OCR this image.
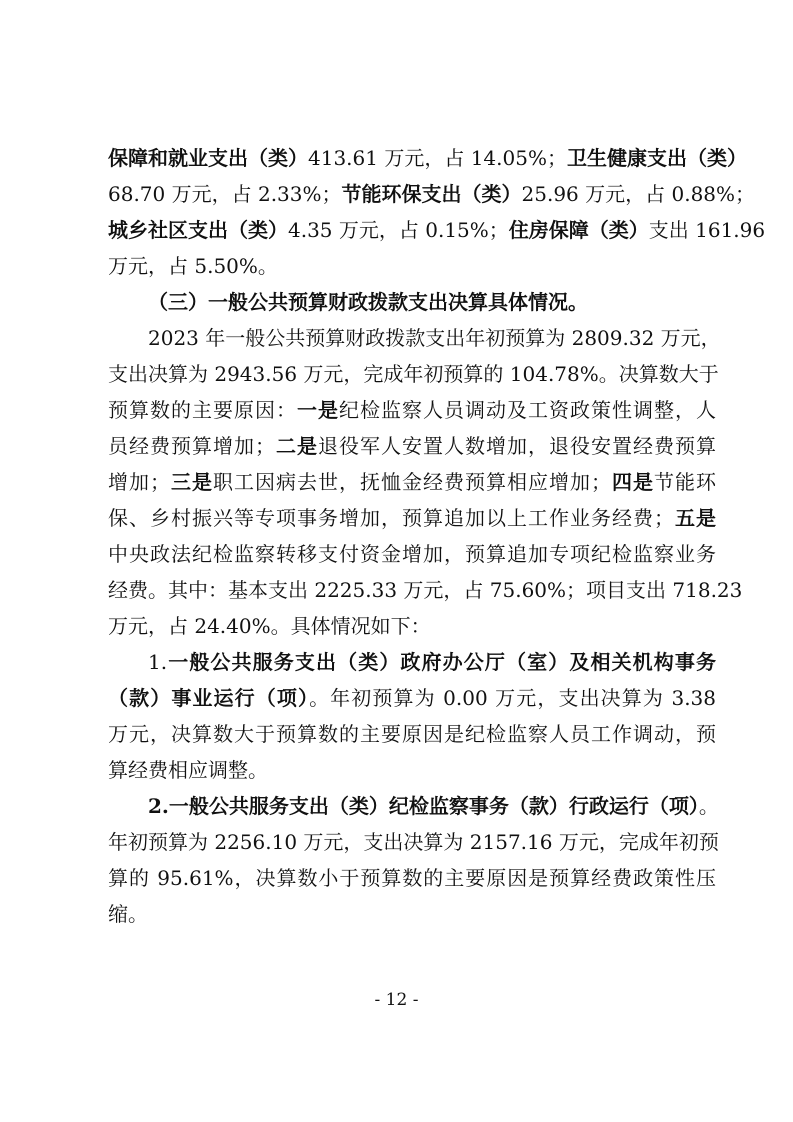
保障和就业支出（类）413.61 万元，占 14.05%；卫生健康支出（类）
68.70 万元，占 2.33%；节能环保支出（类）25.96 万元，占 0.88%；
城乡社区支出（类）4.35 万元，占 0.15%；住房保障（类）支出 161.96
万元，占 5.50%。
（三）一般公共预算财政拨款支出决算具体情况。
2023 年一般公共预算财政拨款支出年初预算为 2809.32 万元，
支出决算为 2943.56 万元，完成年初预算的 104.78%。决算数大于
预算数的主要原因：一是纪检监察人员调动及工资政策性调整，人
员经费预算增加；二是退役军人安置人数增加，退役安置经费预算
增加；三是职工因病去世，抚恤金经费预算相应增加；四是节能环
保、乡村振兴等专项事务增加，预算追加以上工作业务经费；五是
中央政法纪检监察转移支付资金增加，预算追加专项纪检监察业务
经费。其中：基本支出 2225.33 万元，占 75.60%；项目支出 718.23
万元，占 24.40%。具体情况如下：
1.一般公共服务支出（类）政府办公厅（室）及相关机构事务
（款）事业运行（项）。年初预算为 0.00 万元，支出决算为 3.38
万元，决算数大于预算数的主要原因是纪检监察人员工作调动，预
算经费相应调整。
2.一般公共服务支出（类）纪检监察事务（款）行政运行（项）。
年初预算为 2256.10 万元，支出决算为 2157.16 万元，完成年初预
算的 95.61%，决算数小于预算数的主要原因是预算经费政策性压
缩。
- 12 -
